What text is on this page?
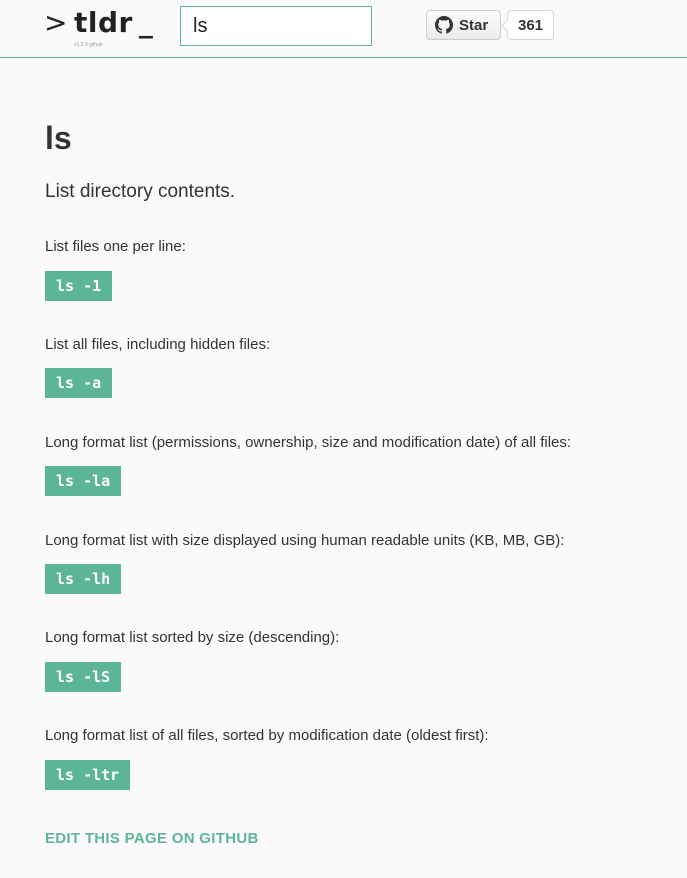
> tldr _
v1.2.0 github
ls
Star	361
ls

List directory contents.

List files one per line:

ls -1

List all files, including hidden files:

ls -a

Long format list (permissions, ownership, size and modification date) of all files:

ls -la

Long format list with size displayed using human readable units (KB, MB, GB):

ls -lh

Long format list sorted by size (descending):

ls -lS

Long format list of all files, sorted by modification date (oldest first):

ls -ltr
EDIT THIS PAGE ON GITHUB
